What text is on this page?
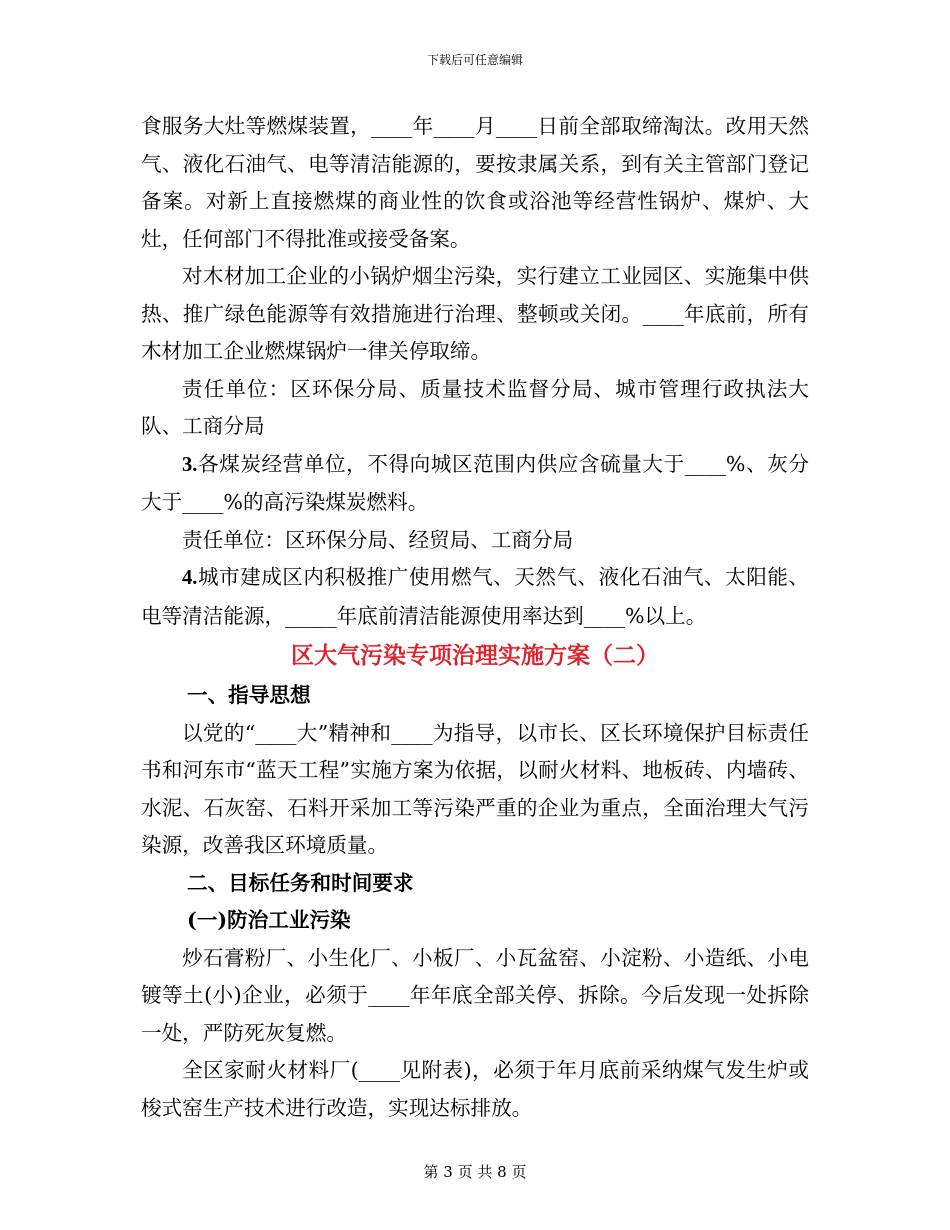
下载后可任意编辑

食服务大灶等燃煤装置，____年____月____日前全部取缔淘汰。改用天然气、液化石油气、电等清洁能源的，要按隶属关系，到有关主管部门登记备案。对新上直接燃煤的商业性的饮食或浴池等经营性锅炉、煤炉、大灶，任何部门不得批准或接受备案。

对木材加工企业的小锅炉烟尘污染，实行建立工业园区、实施集中供热、推广绿色能源等有效措施进行治理、整顿或关闭。____年底前，所有木材加工企业燃煤锅炉一律关停取缔。

责任单位：区环保分局、质量技术监督分局、城市管理行政执法大队、工商分局

3.各煤炭经营单位，不得向城区范围内供应含硫量大于____%、灰分大于____%的高污染煤炭燃料。

责任单位：区环保分局、经贸局、工商分局

4.城市建成区内积极推广使用燃气、天然气、液化石油气、太阳能、电等清洁能源，_____年底前清洁能源使用率达到____%以上。

区大气污染专项治理实施方案（二）

一、指导思想

以党的“____大”精神和____为指导，以市长、区长环境保护目标责任书和河东市“蓝天工程”实施方案为依据，以耐火材料、地板砖、内墙砖、水泥、石灰窑、石料开采加工等污染严重的企业为重点，全面治理大气污染源，改善我区环境质量。

二、目标任务和时间要求

(一)防治工业污染

炒石膏粉厂、小生化厂、小板厂、小瓦盆窑、小淀粉、小造纸、小电镀等土(小)企业，必须于____年年底全部关停、拆除。今后发现一处拆除一处，严防死灰复燃。

全区家耐火材料厂(____见附表)，必须于年月底前采纳煤气发生炉或梭式窑生产技术进行改造，实现达标排放。

第 3 页 共 8 页
